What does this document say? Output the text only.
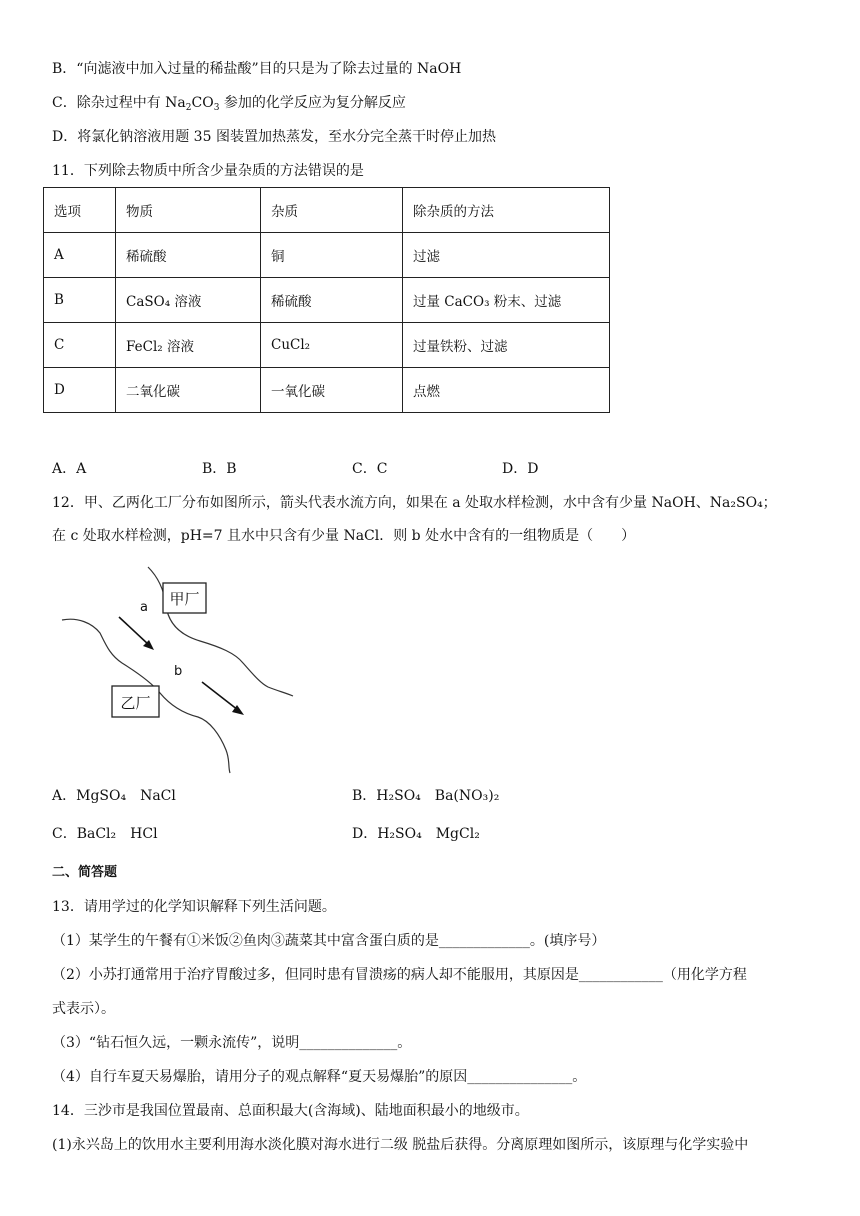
B．“向滤液中加入过量的稀盐酸”目的只是为了除去过量的 NaOH
C．除杂过程中有 $Na_2CO_3$ 参加的化学反应为复分解反应
D．将氯化钠溶液用题 35 图装置加热蒸发，至水分完全蒸干时停止加热
11．下列除去物质中所含少量杂质的方法错误的是
选项	物质	杂质	除杂质的方法
A	稀硫酸	铜	过滤
B	CaSO₄ 溶液	稀硫酸	过量 CaCO₃ 粉末、过滤
C	FeCl₂ 溶液	CuCl₂	过量铁粉、过滤
D	二氧化碳	一氧化碳	点燃
A．A	B．B	C．C	D．D
12．甲、乙两化工厂分布如图所示，箭头代表水流方向，如果在 a 处取水样检测，水中含有少量 NaOH、Na₂SO₄；
在 c 处取水样检测，pH=7 且水中只含有少量 NaCl．则 b 处水中含有的一组物质是（　　）
甲厂
乙厂
a
b
A．MgSO₄　NaCl	B．H₂SO₄　Ba(NO₃)₂
C．BaCl₂　HCl	D．H₂SO₄　MgCl₂
二、简答题
13．请用学过的化学知识解释下列生活问题。
（1）某学生的午餐有①米饭②鱼肉③蔬菜其中富含蛋白质的是_____________。(填序号）
（2）小苏打通常用于治疗胃酸过多，但同时患有冒溃疡的病人却不能服用，其原因是____________（用化学方程
式表示）。
（3）“钻石恒久远，一颗永流传”，说明______________。
（4）自行车夏天易爆胎，请用分子的观点解释“夏天易爆胎”的原因_______________。
14．三沙市是我国位置最南、总面积最大(含海域)、陆地面积最小的地级市。
(1)永兴岛上的饮用水主要利用海水淡化膜对海水进行二级 脱盐后获得。分离原理如图所示，该原理与化学实验中
